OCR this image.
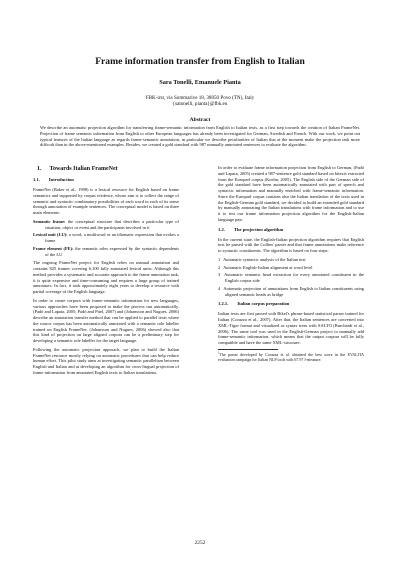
Frame information transfer from English to Italian
Sara Tonelli, Emanuele Pianta
FBK-irst, via Sommarive 18, 38050 Povo (TN), Italy
{satonelli, pianta}@fbk.eu
Abstract
We describe an automatic projection algorithm for transferring frame-semantic information from English to Italian texts, as a first step towards the creation of Italian FrameNet. Projection of frame semantic information from English to other European languages has already been investigated for German, Swedish and French. With our work, we point out typical features of the Italian language as regards frame-semantic annotation, in particular we describe peculiarities of Italian that at the moment make the projection task more difficult than in the above-mentioned examples. Besides, we created a gold standard with 987 manually annotated sentences to evaluate the algorithm.
1. Towards Italian FrameNet
1.1. Introduction

FrameNet (Baker et al., 1998) is a lexical resource for English based on frame semantics and supported by corpus evidence, whose aim is to collect the range of semantic and syntactic combinatory possibilities of each word in each of its sense through annotation of example sentences. The conceptual model is based on three main elements:

Semantic frame: the conceptual structure that describes a particular type of situation, object or event and the participants involved in it
Lexical unit (LU): a word, a multiword or an idiomatic expression that evokes a frame
Frame element (FE): the semantic roles expressed by the syntactic dependents of the LU

The ongoing FrameNet project for English relies on manual annotation and contains 825 frames covering 6,100 fully annotated lexical units. Although this method provides a systematic and accurate approach to the frame annotation task, it is quite expensive and time-consuming and requires a large group of trained annotators. In fact, it took approximately eight years to develop a resource with partial coverage of the English language.

In order to create corpora with frame-semantic information for new languages, various approaches have been proposed to make the process run automatically. (Padó and Lapata, 2005; Padó and Pitel, 2007) and (Johansson and Nugues, 2006) describe an annotation transfer method that can be applied to parallel texts where the source corpus has been automatically annotated with a semantic role labeller trained on English FrameNet. (Johansson and Nugues, 2006) showed also that this kind of projection on large aligned corpora can be a preliminary step for developing a semantic role labeller for the target language.

Following the automatic projection approach, we plan to build the Italian FrameNet resource mostly relying on automatic procedures that can help reduce human effort. This pilot study aims at investigating semantic parallelism between English and Italian and at developing an algorithm for cross-lingual projection of frame information from annotated English texts to Italian translations.

In order to evaluate frame information projection from English to German, (Padó and Lapata, 2005) created a 987-sentence gold standard based on bitexts extracted from the Europarl corpus (Koehn, 2005). The English side of the German side of the gold standard have been automatically annotated with part of speech and syntactic information and manually enriched with frame-semantic information. Since the Europarl corpus contains also the Italian translation of the texts used in the English-German gold standard, we decided to build an extended gold standard by manually annotating the Italian translations with frame information and to use it to test our frame information projection algorithm for the English-Italian language pair.

1.2. The projection algorithm

In the current state, the English-Italian projection algorithm requires that English text be parsed with the Collins' parser and that frame annotations make reference to syntactic constituents. The algorithm is based on four steps:

1 Automatic syntactic analysis of the Italian text
2 Automatic English-Italian alignment at word level
3 Automatic semantic head extraction for every annotated constituent in the English corpus side
4 Automatic projection of annotations from English to Italian constituents using aligned semantic heads as bridge
1.2.1. Italian corpus preparation

Italian texts are first parsed with Bikel's phrase-based statistical parser trained for Italian (Corazza et al., 2007). After that, the Italian sentences are converted into XML-Tiger format and visualized as syntax trees with SALTO (Burchardt et al., 2006). The same tool was used in the English-German project to manually add frame-semantic information, which means that the output corpora will be fully compatible and have the same XML-structure.

$^1$The parser developed by Corazza et al. obtained the best score in the EVALITA evaluation campaign for Italian NLP tools with 67.97 f-measure.
2252
